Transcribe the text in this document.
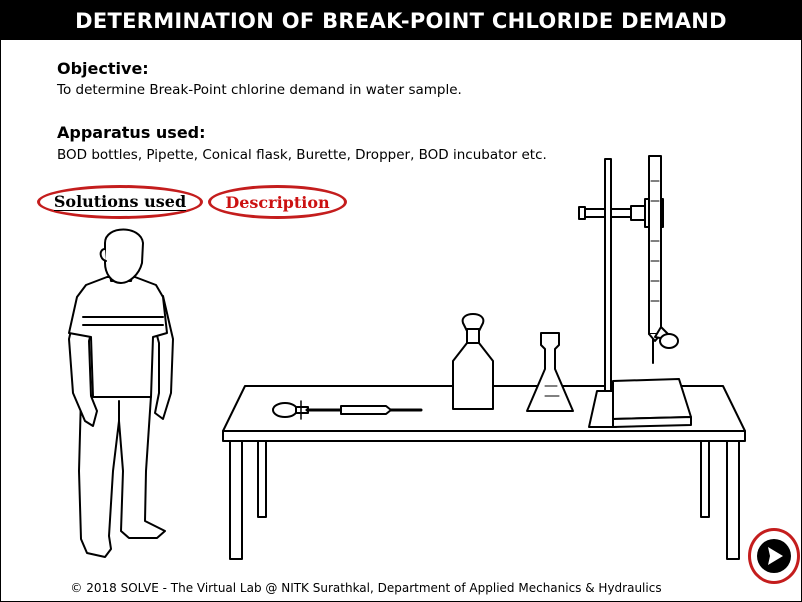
DETERMINATION OF BREAK-POINT CHLORIDE DEMAND
Objective:
To determine Break-Point chlorine demand in water sample.
Apparatus used:
BOD bottles, Pipette, Conical flask, Burette, Dropper, BOD incubator etc.
Solutions used Description
© 2018 SOLVE - The Virtual Lab @ NITK Surathkal, Department of Applied Mechanics & Hydraulics
